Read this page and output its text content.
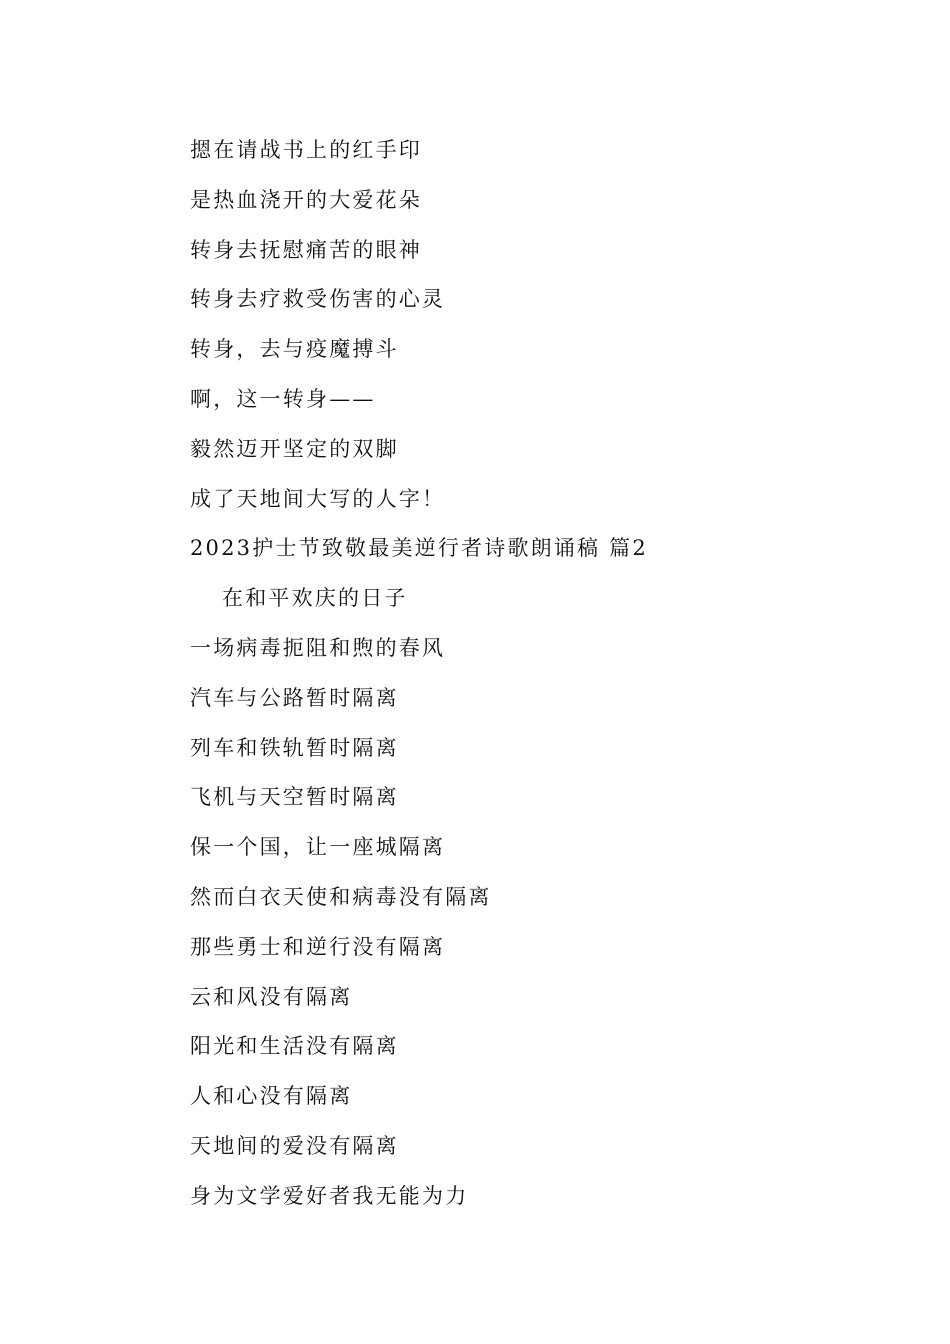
摁在请战书上的红手印
是热血浇开的大爱花朵
转身去抚慰痛苦的眼神
转身去疗救受伤害的心灵
转身，去与疫魔搏斗
啊，这一转身——
毅然迈开坚定的双脚
成了天地间大写的人字！
2023护士节致敬最美逆行者诗歌朗诵稿 篇2
在和平欢庆的日子
一场病毒扼阻和煦的春风
汽车与公路暂时隔离
列车和铁轨暂时隔离
飞机与天空暂时隔离
保一个国，让一座城隔离
然而白衣天使和病毒没有隔离
那些勇士和逆行没有隔离
云和风没有隔离
阳光和生活没有隔离
人和心没有隔离
天地间的爱没有隔离
身为文学爱好者我无能为力
